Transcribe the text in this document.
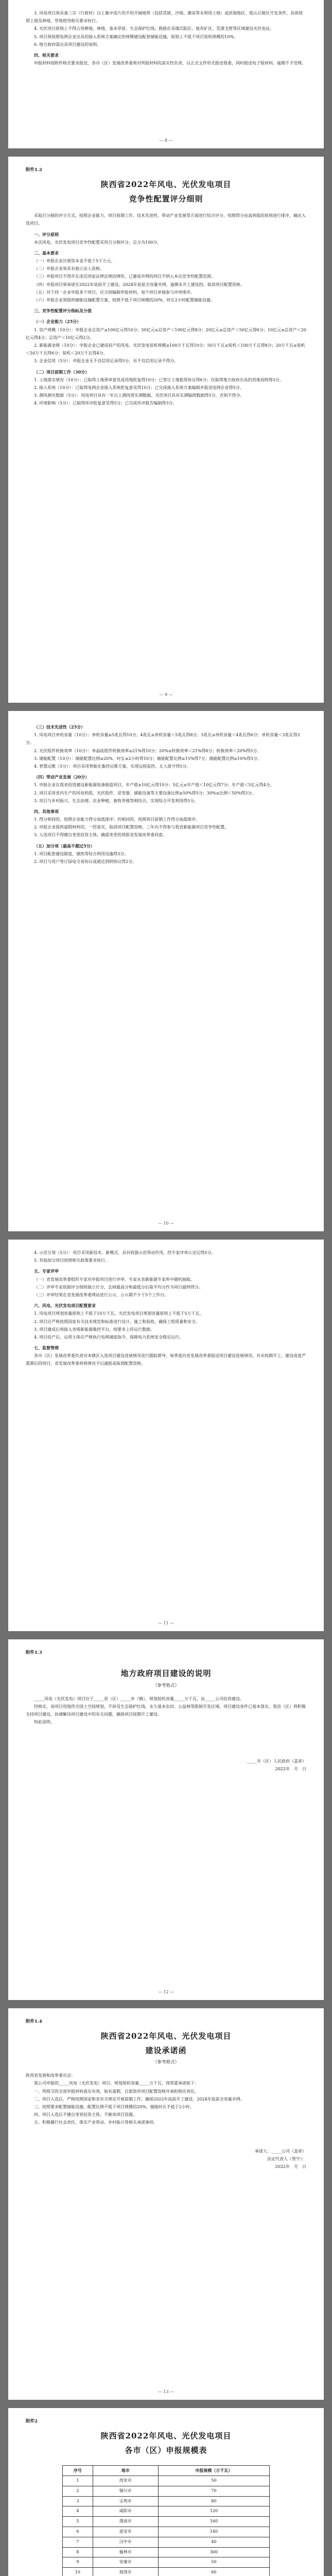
3. 风电项目须具备三宗（行政村）以上集中连片的平坦开阔地带（包括荒坡、沙地、滩涂等未利用土地）或滨海地区、低山丘陵区开发条件，具体按照土地及林地、草地使用相关要求执行。

4. 光伏项目原则上不得占用耕地、林地、基本草原、生态保护红线；鼓励在采煤沉陷区、废弃矿区、荒漠戈壁等区域建设光伏电站。

5. 项目须按照电网企业出具的接入系统方案确定的规模建设配套储能设施，原则上不低于项目装机规模的10%。

6. 地方政府需出具项目建设的说明。

四、相关要求

申报材料按附件格式要求报送，各市（区）发展改革委须对所报材料的真实性负责，以正式文件形式报送我委，同时报送电子版材料，逾期不予受理。

— 8 —

附件1.2

陕西省2022年风电、光伏发电项目
竞争性配置评分细则

采取百分制的评分方式，按照企业能力、项目前期工作、技术先进性、带动产业发展等方面进行综合评分，按照得分由高到低的原则进行排序，确定入选项目。

一、评分原则

本次风电、光伏发电项目竞争性配置采用百分制评分，总分为100分。

二、基本要求

（一）申报企业注册资本金不低于5千万元。

（二）申报企业须具有独立法人资格。

（三）申报项目不得存在违反国家法律法规的情形，已建成并网的项目不纳入本次竞争性配置范围。

（四）申报项目须承诺在2022年底前开工建设，2024年底前全容量并网，逾期未开工建设的，取消项目配置资格。

（五）对于同一企业申报多个项目，应分别编制申报材料，每个项目单独参与评审排序。

（六）申报企业须提供储能设施配置方案，按照不低于项目规模的20%、时长2小时配置储能设施。

三、竞争性配置评分指标及分值

（一）企业能力（25分）

1. 资产规模（10分）：申报企业总资产≥100亿元得10分；50亿元≤总资产＜100亿元得8分；20亿元≤总资产＜50亿元得6分；10亿元≤总资产＜20亿元得4分；总资产＜10亿元得2分。

2. 新能源业绩（10分）：申报企业已建成投产的风电、光伏发电装机规模≥100万千瓦得10分；50万千瓦≤装机＜100万千瓦得8分；20万千瓦≤装机＜50万千瓦得6分；装机＜20万千瓦得4分。

3. 企业信用（5分）：申报企业无不良信用记录得5分，有不良信用记录不得分。

（二）项目前期工作（30分）

1. 土地落实情况（10分）：已取得土地预审意见或用地批复得10分；已签订土地租赁协议得6分；仅取得地方政府出具的用地说明得3分。

2. 接入系统（10分）：已取得电网企业接入系统批复意见得10分；已完成接入系统方案编制并报送电网企业得5分。

3. 测风测光数据（5分）：风电项目具有一年以上测风塔实测数据、光伏项目具有实测辐照数据得5分，否则不得分。

4. 环境影响（5分）：已取得环评批复意见得5分；已完成环评报告编制得3分。

— 9 —

（三）技术先进性（25分）

1. 风电项目单机容量（10分）：单机容量≥5兆瓦得10分；4兆瓦≤单机容量＜5兆瓦得8分；3兆瓦≤单机容量＜4兆瓦得6分；单机容量＜3兆瓦得3分。

2. 光伏组件转换效率（10分）：单晶硅组件转换效率≥21%得10分；20%≤转换效率＜21%得8分；转换效率＜20%得5分。

3. 储能配置（10分）：储能配置比例≥20%、时长≥2小时得10分；储能配置比例≥15%得7分；储能配置比例≥10%得5分。

4. 智慧运维（5分）：项目采用智能化集控运维方案，实现远程监控、无人值守得5分。

（四）带动产业发展（20分）

1. 申报企业在我省投资建设新能源装备制造项目，年产值≥10亿元得10分；5亿元≤年产值＜10亿元得7分；年产值＜5亿元得4分。

2. 项目采用省内生产的风电机组、光伏组件、逆变器、储能设备等主要设备比例≥50%得5分；30%≤比例＜50%得3分。

3. 项目与乡村振兴、生态治理、农业种植、畜牧养殖等相结合，实现综合开发利用得5分。

四、其他事项

1. 得分相同的，按照企业能力得分高低排序；仍相同的，按照项目前期工作得分高低排序。

2. 申报企业提供虚假材料的，一经查实，取消项目配置资格，三年内不得参与我省新能源项目竞争性配置。

3. 入选项目不得擅自变更投资主体，确需变更的须报省发展改革委同意。

（五）加分项（最高不超过5分）

1. 项目配套建设制氢、储热等综合利用设施得3分。

2. 项目与用户签订绿电交易协议或就近消纳协议得2分。

— 10 —

4. 示范引领（5分）：项目采用新技术、新模式，具有较强示范带动作用，经专家评审认定后得5分。

5. 其他加分项目按照相关政策要求执行。

五、专家评审

（一）省发展改革委组织专家对申报项目进行评审，专家从省新能源专家库中随机抽取。

（二）评审专家依据评分细则独立打分，去掉最高分和最低分后取平均分作为项目最终得分。

（三）评审结果在省发展改革委网站进行公示，公示期不少于5个工作日。

六、风电、光伏发电项目配置要求

1. 风电项目规划容量原则上不低于10万千瓦，光伏发电项目规划容量原则上不低于5万千瓦。

2. 项目应严格按照国家有关技术规范和标准进行设计、施工和验收，确保工程质量和安全。

3. 项目建成后须接入省级新能源集控平台，按要求上传运行数据。

4. 项目投产后，运营主体应严格执行电网调度指令，保障电力系统安全稳定运行。

七、监督管理

各市（区）发展改革委负责对本辖区入选项目建设进展情况进行跟踪督导，每季度向省发展改革委报送项目建设进展情况。对未按期开工、建设进度严重滞后的项目，省发展改革委将视情况予以通报或取消配置资格。

— 11 —

附件1.3

地方政府项目建设的说明
（参考格式）

_____风电（光伏发电）项目位于_____县（区）_____乡（镇），规划装机容量_____万千瓦，由_____公司投资建设。

经核实，该项目用地符合国土空间规划，不涉及生态保护红线、永久基本农田、公益林等限制开发区域，项目建设条件已基本落实。我县（区）将积极支持项目建设，协调解决项目建设中的有关问题，确保项目按期开工建设。

特此说明。

_____市（区）人民政府（盖章）

2022年　月　日

— 12 —

附件1.4

陕西省2022年风电、光伏发电项目
建设承诺函
（参考格式）

陕西省发展和改革委员会：

我公司申报的_____风电（光伏发电）项目，规划装机容量_____万千瓦，现郑重承诺如下：

一、所提交的全部申报材料真实有效，如有虚假，自愿放弃项目配置资格并承担相应责任。

二、项目入选后，严格按照国家和省有关规定开展前期工作，确保2022年底前开工建设，2024年底前全容量并网。

三、按照要求配置储能设施，配置比例不低于项目规模的20%，储能时长不低于2小时。

四、项目入选后不擅自变更投资主体，不倒卖项目资源。

五、积极履行社会责任，落实产业带动、乡村振兴等相关承诺事项。

承诺人：_____公司（盖章）

法定代表人（签字）：

2022年　月　日

— 13 —

附件2

陕西省2022年风电、光伏发电项目
各市（区）申报规模表
序号	地市	申报规模（万千瓦）
1	西安市	50
2	铜川市	70
3	宝鸡市	80
4	咸阳市	120
5	渭南市	160
6	延安市	140
7	汉中市	40
8	榆林市	300
9	安康市	50
10	商洛市	60
